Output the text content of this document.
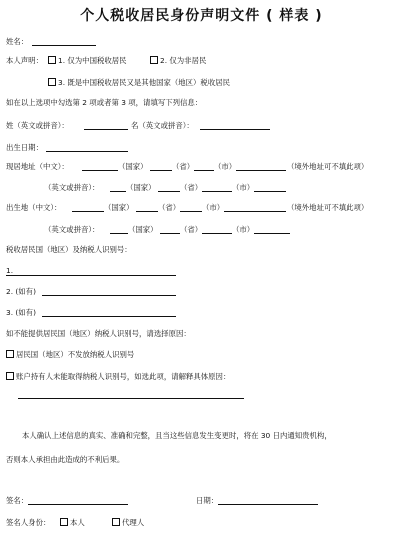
个人税收居民身份声明文件 ( 样表 )
姓名：
本人声明：	1. 仅为中国税收居民	2. 仅为非居民
3. 既是中国税收居民又是其他国家（地区）税收居民
如在以上选项中勾选第 2 项或者第 3 项，请填写下列信息：
姓（英文或拼音）：	名（英文或拼音）：
出生日期：
现居地址（中文）：	（国家）	（省）	（市）	（境外地址可不填此项）
（英文或拼音）：	（国家）	（省）	（市）
出生地（中文）：	（国家）	（省）	（市）	（境外地址可不填此项）
（英文或拼音）：	（国家）	（省）	（市）
税收居民国（地区）及纳税人识别号：
1.
2. (如有)
3. (如有)
如不能提供居民国（地区）纳税人识别号，请选择原因：
居民国（地区）不发放纳税人识别号
账户持有人未能取得纳税人识别号，如选此项，请解释具体原因：
本人确认上述信息的真实、准确和完整，且当这些信息发生变更时，将在 30 日内通知贵机构，
否则本人承担由此造成的不利后果。
签名：	日期：
签名人身份：	本人	代理人
